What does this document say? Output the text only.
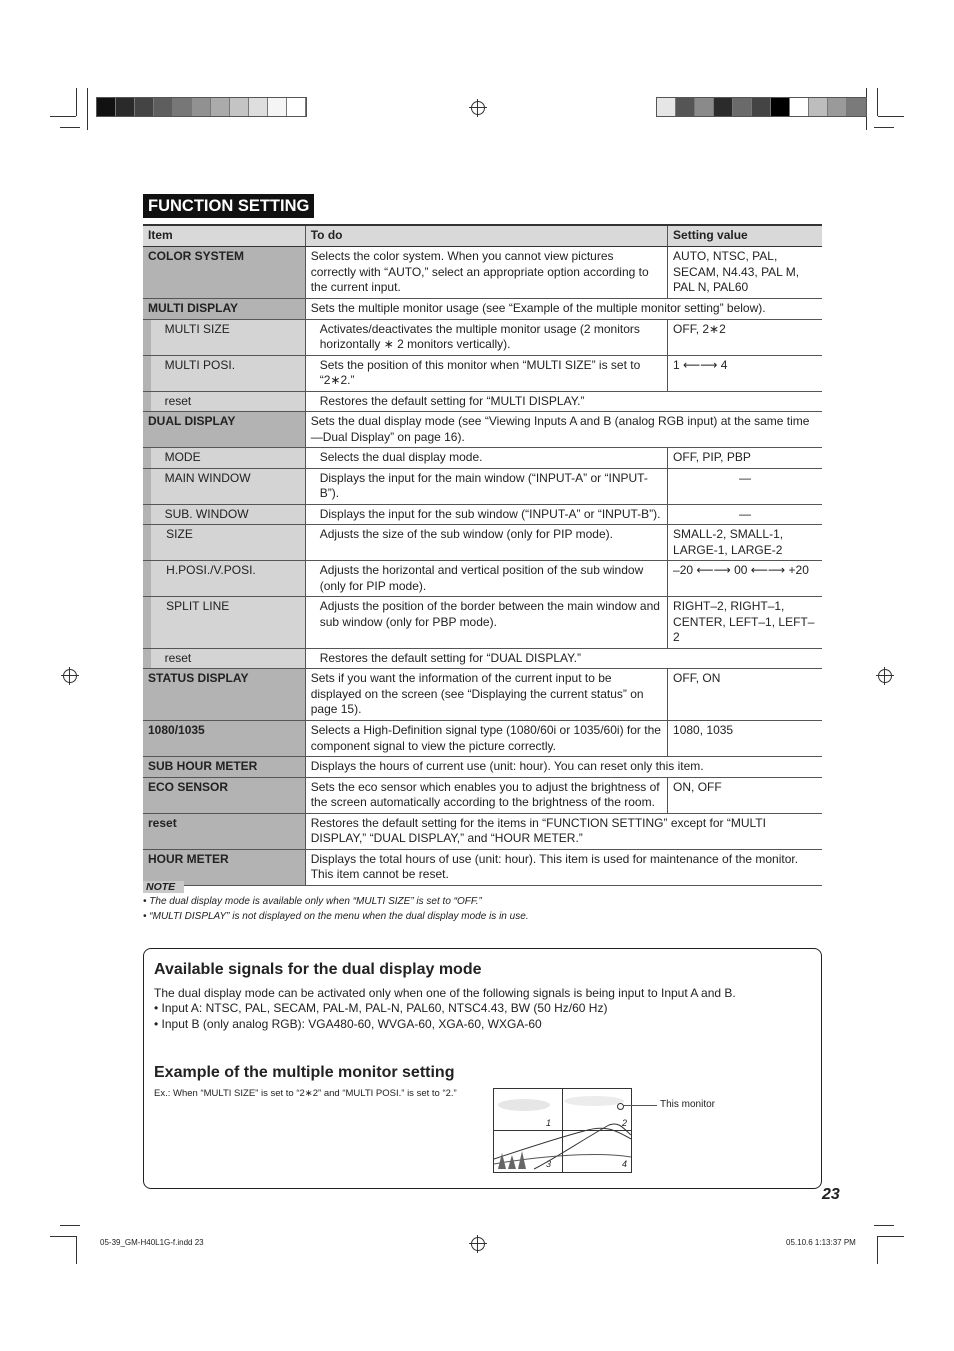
FUNCTION SETTING
Item			To do	Setting value
COLOR SYSTEM			Selects the color system. When you cannot view pictures correctly with “AUTO,” select an appropriate option according to the current input.	AUTO, NTSC, PAL, SECAM, N4.43, PAL M, PAL N, PAL60
MULTI DISPLAY			Sets the multiple monitor usage (see “Example of the multiple monitor setting” below).	
	MULTI SIZE		Activates/deactivates the multiple monitor usage (2 monitors horizontally ∗ 2 monitors vertically).	OFF, 2∗2
	MULTI POSI.		Sets the position of this monitor when “MULTI SIZE” is set to “2∗2.”	1 ⟵⟶ 4
	reset		Restores the default setting for “MULTI DISPLAY.”	
DUAL DISPLAY			Sets the dual display mode (see “Viewing Inputs A and B (analog RGB input) at the same time—Dual Display” on page 16).	
	MODE		Selects the dual display mode.	OFF, PIP, PBP
	MAIN WINDOW		Displays the input for the main window (“INPUT-A” or “INPUT-B”).	—
	SUB. WINDOW		Displays the input for the sub window (“INPUT-A” or “INPUT-B”).	—
		SIZE	Adjusts the size of the sub window (only for PIP mode).	SMALL-2, SMALL-1, LARGE-1, LARGE-2
		H.POSI./V.POSI.	Adjusts the horizontal and vertical position of the sub window (only for PIP mode).	–20 ⟵⟶ 00 ⟵⟶ +20
		SPLIT LINE	Adjusts the position of the border between the main window and sub window (only for PBP mode).	RIGHT–2, RIGHT–1, CENTER, LEFT–1, LEFT–2
	reset		Restores the default setting for “DUAL DISPLAY.”	
STATUS DISPLAY			Sets if you want the information of the current input to be displayed on the screen (see “Displaying the current status” on page 15).	OFF, ON
1080/1035			Selects a High-Definition signal type (1080/60i or 1035/60i) for the component signal to view the picture correctly.	1080, 1035
SUB HOUR METER			Displays the hours of current use (unit: hour). You can reset only this item.	
ECO SENSOR			Sets the eco sensor which enables you to adjust the brightness of the screen automatically according to the brightness of the room.	ON, OFF
reset			Restores the default setting for the items in “FUNCTION SETTING” except for “MULTI DISPLAY,” “DUAL DISPLAY,” and “HOUR METER.”	
HOUR METER			Displays the total hours of use (unit: hour). This item is used for maintenance of the monitor. This item cannot be reset.	
NOTE
• The dual display mode is available only when “MULTI SIZE” is set to “OFF.”
• “MULTI DISPLAY” is not displayed on the menu when the dual display mode is in use.
Available signals for the dual display mode
The dual display mode can be activated only when one of the following signals is being input to Input A and B.
• Input A: NTSC, PAL, SECAM, PAL-M, PAL-N, PAL60, NTSC4.43, BW (50 Hz/60 Hz)
• Input B (only analog RGB): VGA480-60, WVGA-60, XGA-60, WXGA-60
Example of the multiple monitor setting
Ex.: When “MULTI SIZE” is set to “2∗2” and “MULTI POSI.” is set to “2.”
1	2
3	4
This monitor
23
05-39_GM-H40L1G-f.indd 23	05.10.6 1:13:37 PM
